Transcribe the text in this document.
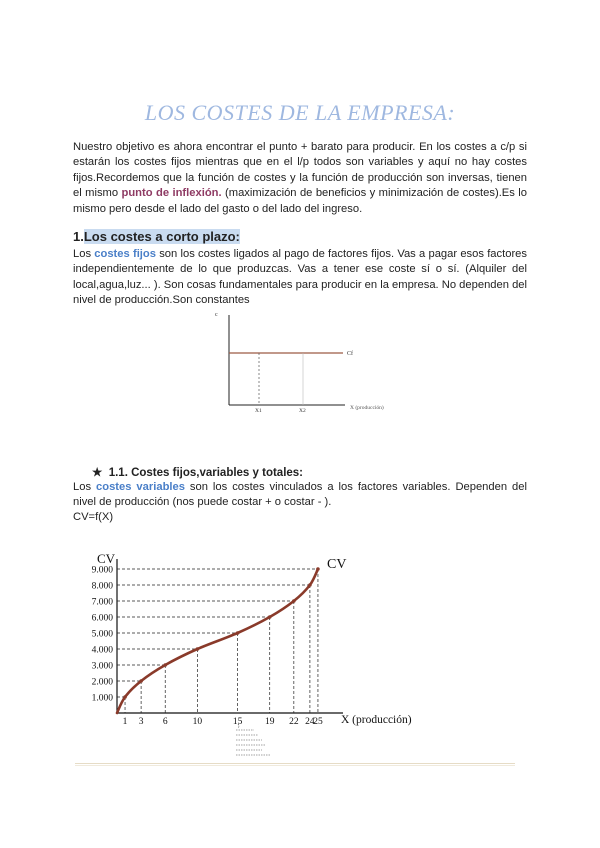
LOS COSTES DE LA EMPRESA:
Nuestro objetivo es ahora encontrar el punto + barato para producir. En los costes a c/p si estarán los costes fijos mientras que en el l/p todos son variables y aquí no hay costes fijos.Recordemos que la función de costes y la función de producción son inversas, tienen el mismo punto de inflexión. (maximización de beneficios y minimización de costes).Es lo mismo pero desde el lado del gasto o del lado del ingreso.
1.Los costes a corto plazo:
Los costes fijos son los costes ligados al pago de factores fijos. Vas a pagar esos factores independientemente de lo que produzcas. Vas a tener ese coste sí o sí. (Alquiler del local,agua,luz... ). Son cosas fundamentales para producir en la empresa. No dependen del nivel de producción.Son constantes
c
Cf
X1	X2	X (producción)
★ 1.1. Costes fijos,variables y totales:
Los costes variables son los costes vinculados a los factores variables. Dependen del nivel de producción (nos puede costar + o costar - ).
CV=f(X)
CV	CV
X (producción)
1.000
2.000
3.000
4.000
5.000
6.000
7.000
8.000
9.000
1 3 6	10	15 19 22 24
25
